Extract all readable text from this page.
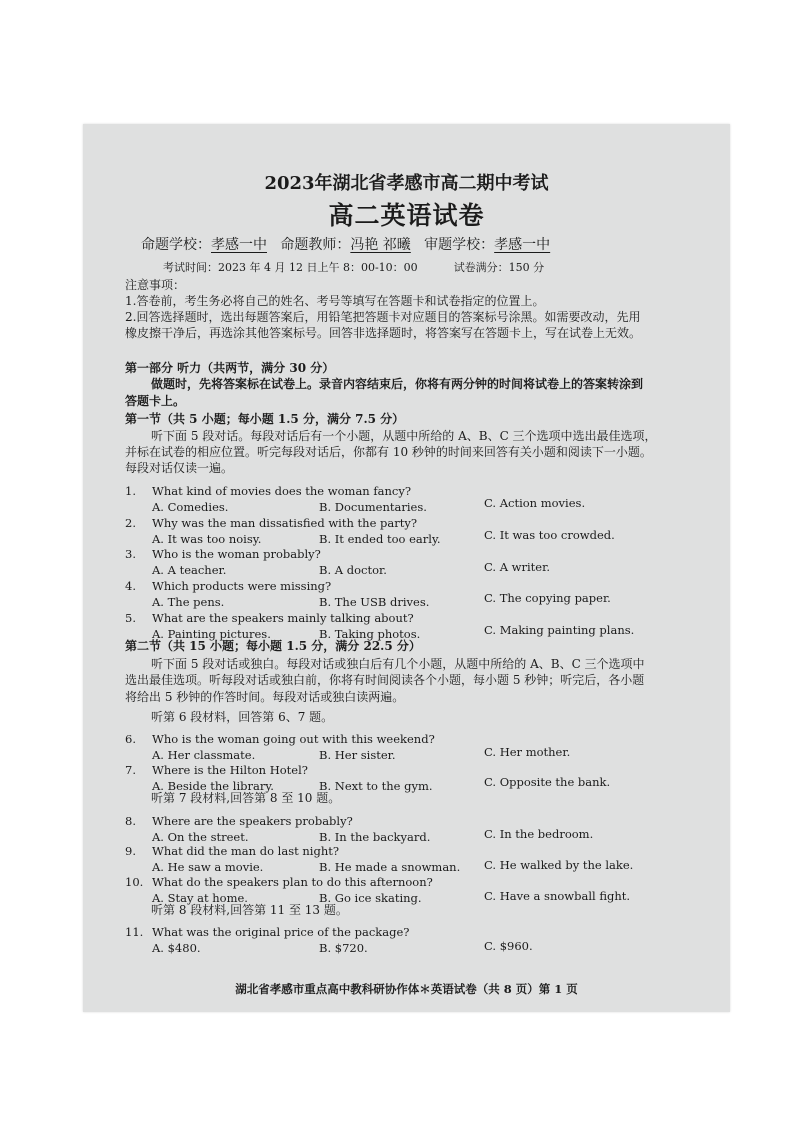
2023年湖北省孝感市高二期中考试
高二英语试卷
命题学校：孝感一中 命题教师：冯艳 祁曦 审题学校：孝感一中
考试时间：2023 年 4 月 12 日上午 8：00-10：00	试卷满分：150 分
注意事项：
1.答卷前，考生务必将自己的姓名、考号等填写在答题卡和试卷指定的位置上。
2.回答选择题时，选出每题答案后，用铅笔把答题卡对应题目的答案标号涂黑。如需要改动，先用
橡皮擦干净后，再选涂其他答案标号。回答非选择题时，将答案写在答题卡上，写在试卷上无效。
第一部分 听力（共两节，满分 30 分）
做题时，先将答案标在试卷上。录音内容结束后，你将有两分钟的时间将试卷上的答案转涂到
答题卡上。
第一节（共 5 小题；每小题 1.5 分，满分 7.5 分）
听下面 5 段对话。每段对话后有一个小题，从题中所给的 A、B、C 三个选项中选出最佳选项，
并标在试卷的相应位置。听完每段对话后，你都有 10 秒钟的时间来回答有关小题和阅读下一小题。
每段对话仅读一遍。
第二节（共 15 小题；每小题 1.5 分，满分 22.5 分）
听下面 5 段对话或独白。每段对话或独白后有几个小题，从题中所给的 A、B、C 三个选项中
选出最佳选项。听每段对话或独白前，你将有时间阅读各个小题，每小题 5 秒钟；听完后，各小题
将给出 5 秒钟的作答时间。每段对话或独白读两遍。
听第 6 段材料，回答第 6、7 题。
听第 7 段材料,回答第 8 至 10 题。
听第 8 段材料,回答第 11 至 13 题。
1. What kind of movies does the woman fancy?
A. Comedies.	B. Documentaries.	C. Action movies.
2. Why was the man dissatisfied with the party?
A. It was too noisy.	B. It ended too early.	C. It was too crowded.
3. Who is the woman probably?
A. A teacher.	B. A doctor.	C. A writer.
4. Which products were missing?
A. The pens.	B. The USB drives.	C. The copying paper.
5. What are the speakers mainly talking about?
A. Painting pictures.	B. Taking photos.	C. Making painting plans.
6. Who is the woman going out with this weekend?
A. Her classmate.	B. Her sister.	C. Her mother.
7. Where is the Hilton Hotel?
A. Beside the library.	B. Next to the gym.	C. Opposite the bank.
8. Where are the speakers probably?
A. On the street.	B. In the backyard.	C. In the bedroom.
9. What did the man do last night?
A. He saw a movie.	B. He made a snowman. C. He walked by the lake.
10. What do the speakers plan to do this afternoon?
A. Stay at home.	B. Go ice skating.	C. Have a snowball fight.
11. What was the original price of the package?
A. $480.	B. $720.	C. $960.
湖北省孝感市重点高中教科研协作体＊英语试卷（共 8 页）第 1 页
